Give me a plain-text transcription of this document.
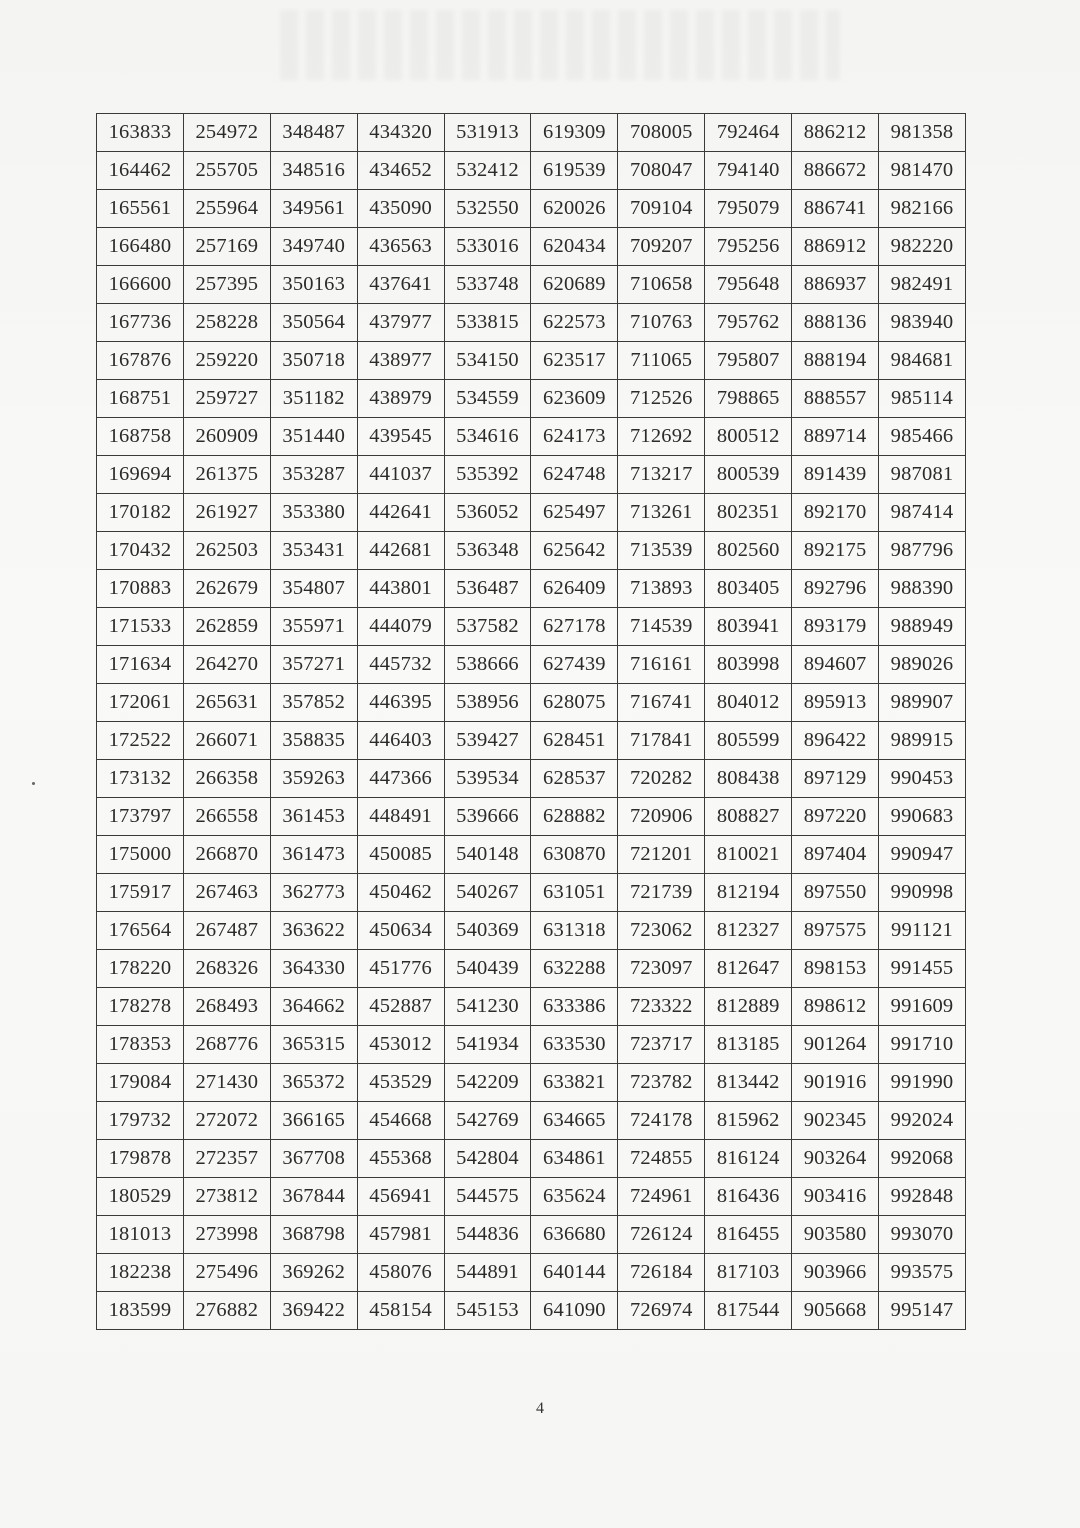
163833	254972	348487	434320	531913	619309	708005	792464	886212	981358
164462	255705	348516	434652	532412	619539	708047	794140	886672	981470
165561	255964	349561	435090	532550	620026	709104	795079	886741	982166
166480	257169	349740	436563	533016	620434	709207	795256	886912	982220
166600	257395	350163	437641	533748	620689	710658	795648	886937	982491
167736	258228	350564	437977	533815	622573	710763	795762	888136	983940
167876	259220	350718	438977	534150	623517	711065	795807	888194	984681
168751	259727	351182	438979	534559	623609	712526	798865	888557	985114
168758	260909	351440	439545	534616	624173	712692	800512	889714	985466
169694	261375	353287	441037	535392	624748	713217	800539	891439	987081
170182	261927	353380	442641	536052	625497	713261	802351	892170	987414
170432	262503	353431	442681	536348	625642	713539	802560	892175	987796
170883	262679	354807	443801	536487	626409	713893	803405	892796	988390
171533	262859	355971	444079	537582	627178	714539	803941	893179	988949
171634	264270	357271	445732	538666	627439	716161	803998	894607	989026
172061	265631	357852	446395	538956	628075	716741	804012	895913	989907
172522	266071	358835	446403	539427	628451	717841	805599	896422	989915
173132	266358	359263	447366	539534	628537	720282	808438	897129	990453
173797	266558	361453	448491	539666	628882	720906	808827	897220	990683
175000	266870	361473	450085	540148	630870	721201	810021	897404	990947
175917	267463	362773	450462	540267	631051	721739	812194	897550	990998
176564	267487	363622	450634	540369	631318	723062	812327	897575	991121
178220	268326	364330	451776	540439	632288	723097	812647	898153	991455
178278	268493	364662	452887	541230	633386	723322	812889	898612	991609
178353	268776	365315	453012	541934	633530	723717	813185	901264	991710
179084	271430	365372	453529	542209	633821	723782	813442	901916	991990
179732	272072	366165	454668	542769	634665	724178	815962	902345	992024
179878	272357	367708	455368	542804	634861	724855	816124	903264	992068
180529	273812	367844	456941	544575	635624	724961	816436	903416	992848
181013	273998	368798	457981	544836	636680	726124	816455	903580	993070
182238	275496	369262	458076	544891	640144	726184	817103	903966	993575
183599	276882	369422	458154	545153	641090	726974	817544	905668	995147
4
